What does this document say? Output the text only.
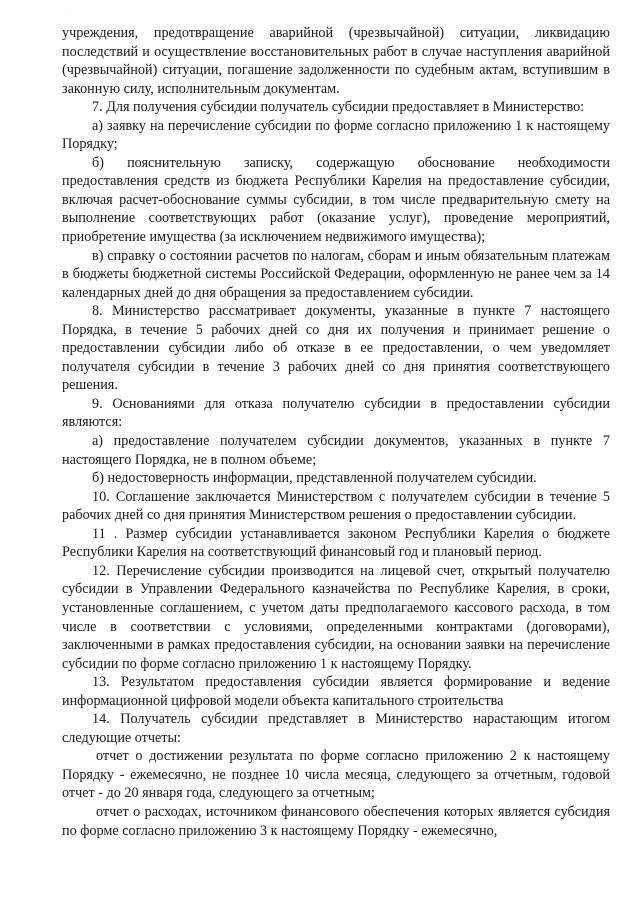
·

учреждения, предотвращение аварийной (чрезвычайной) ситуации, ликвидацию последствий и осуществление восстановительных работ в случае наступления аварийной (чрезвычайной) ситуации, погашение задолженности по судебным актам, вступившим в законную силу, исполнительным документам.

7. Для получения субсидии получатель субсидии предоставляет в Министерство:

а) заявку на перечисление субсидии по форме согласно приложению 1 к настоящему Порядку;

б) пояснительную записку, содержащую обоснование необходимости предоставления средств из бюджета Республики Карелия на предоставление субсидии, включая расчет-обоснование суммы субсидии, в том числе предварительную смету на выполнение соответствующих работ (оказание услуг), проведение мероприятий, приобретение имущества (за исключением недвижимого имущества);

в) справку о состоянии расчетов по налогам, сборам и иным обязательным платежам в бюджеты бюджетной системы Российской Федерации, оформленную не ранее чем за 14 календарных дней до дня обращения за предоставлением субсидии.

8. Министерство рассматривает документы, указанные в пункте 7 настоящего Порядка, в течение 5 рабочих дней со дня их получения и принимает решение о предоставлении субсидии либо об отказе в ее предоставлении, о чем уведомляет получателя субсидии в течение 3 рабочих дней со дня принятия соответствующего решения.

9. Основаниями для отказа получателю субсидии в предоставлении субсидии являются:

а) предоставление получателем субсидии документов, указанных в пункте 7 настоящего Порядка, не в полном объеме;

б) недостоверность информации, представленной получателем субсидии.

10. Соглашение заключается Министерством с получателем субсидии в течение 5 рабочих дней со дня принятия Министерством решения о предоставлении субсидии.

11 . Размер субсидии устанавливается законом Республики Карелия о бюджете Республики Карелия на соответствующий финансовый год и плановый период.

12. Перечисление субсидии производится на лицевой счет, открытый получателю субсидии в Управлении Федерального казначейства по Республике Карелия, в сроки, установленные соглашением, с учетом даты предполагаемого кассового расхода, в том числе в соответствии с условиями, определенными контрактами (договорами), заключенными в рамках предоставления субсидии, на основании заявки на перечисление субсидии по форме согласно приложению 1 к настоящему Порядку.

13. Результатом предоставления субсидии является формирование и ведение информационной цифровой модели объекта капитального строительства

14. Получатель субсидии представляет в Министерство нарастающим итогом следующие отчеты:

отчет о достижении результата по форме согласно приложению 2 к настоящему Порядку - ежемесячно, не позднее 10 числа месяца, следующего за отчетным, годовой отчет - до 20 января года, следующего за отчетным;

отчет о расходах, источником финансового обеспечения которых является субсидия по форме согласно приложению 3 к настоящему Порядку - ежемесячно,
